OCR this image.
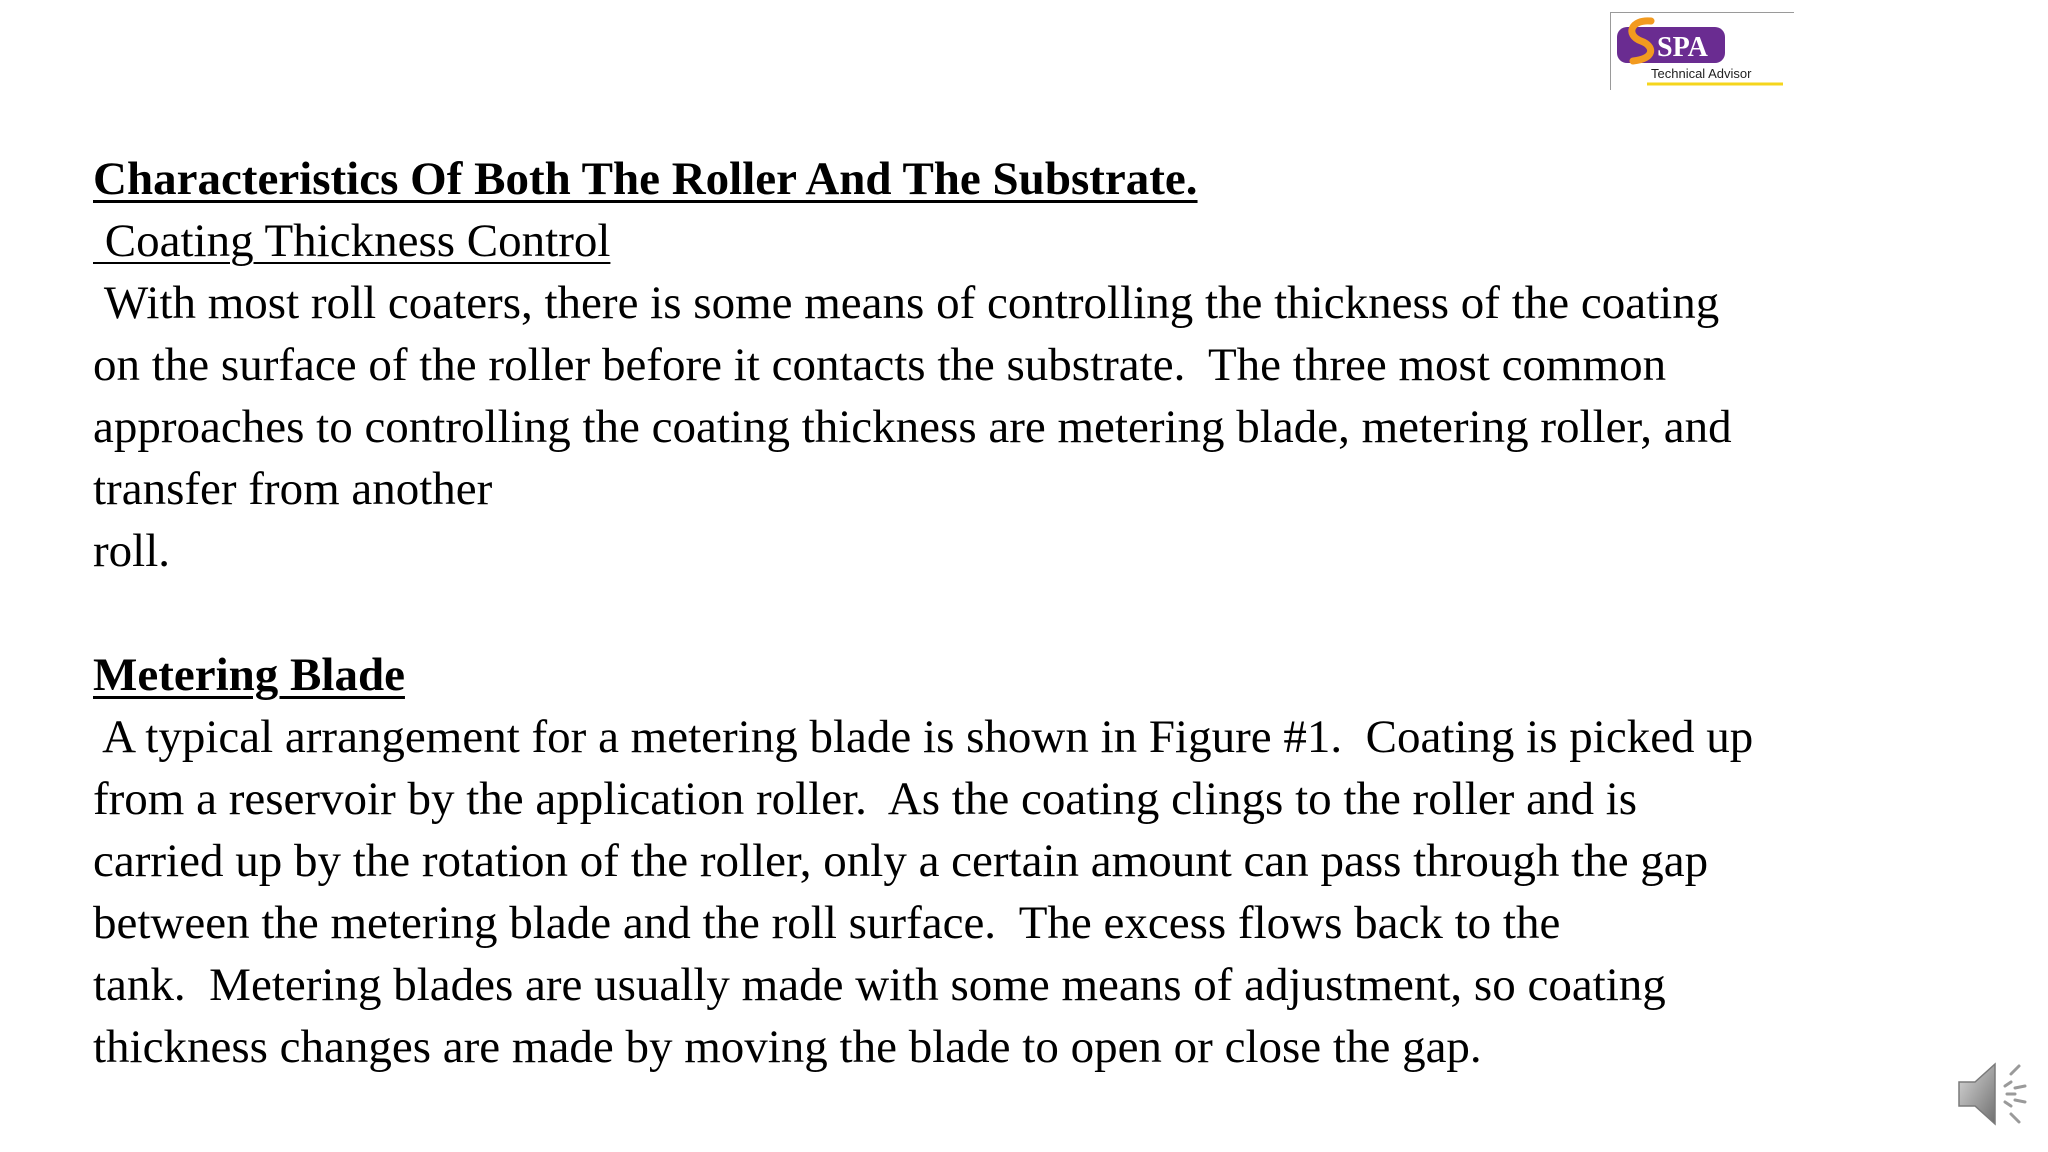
SPA
Technical Advisor

Characteristics Of Both The Roller And The Substrate.

Coating Thickness Control

With most roll coaters, there is some means of controlling the thickness of the coating

on the surface of the roller before it contacts the substrate.  The three most common

approaches to controlling the coating thickness are metering blade, metering roller, and

transfer from another

roll.

Metering Blade

A typical arrangement for a metering blade is shown in Figure #1.  Coating is picked up

from a reservoir by the application roller.  As the coating clings to the roller and is

carried up by the rotation of the roller, only a certain amount can pass through the gap

between the metering blade and the roll surface.  The excess flows back to the

tank.  Metering blades are usually made with some means of adjustment, so coating

thickness changes are made by moving the blade to open or close the gap.
